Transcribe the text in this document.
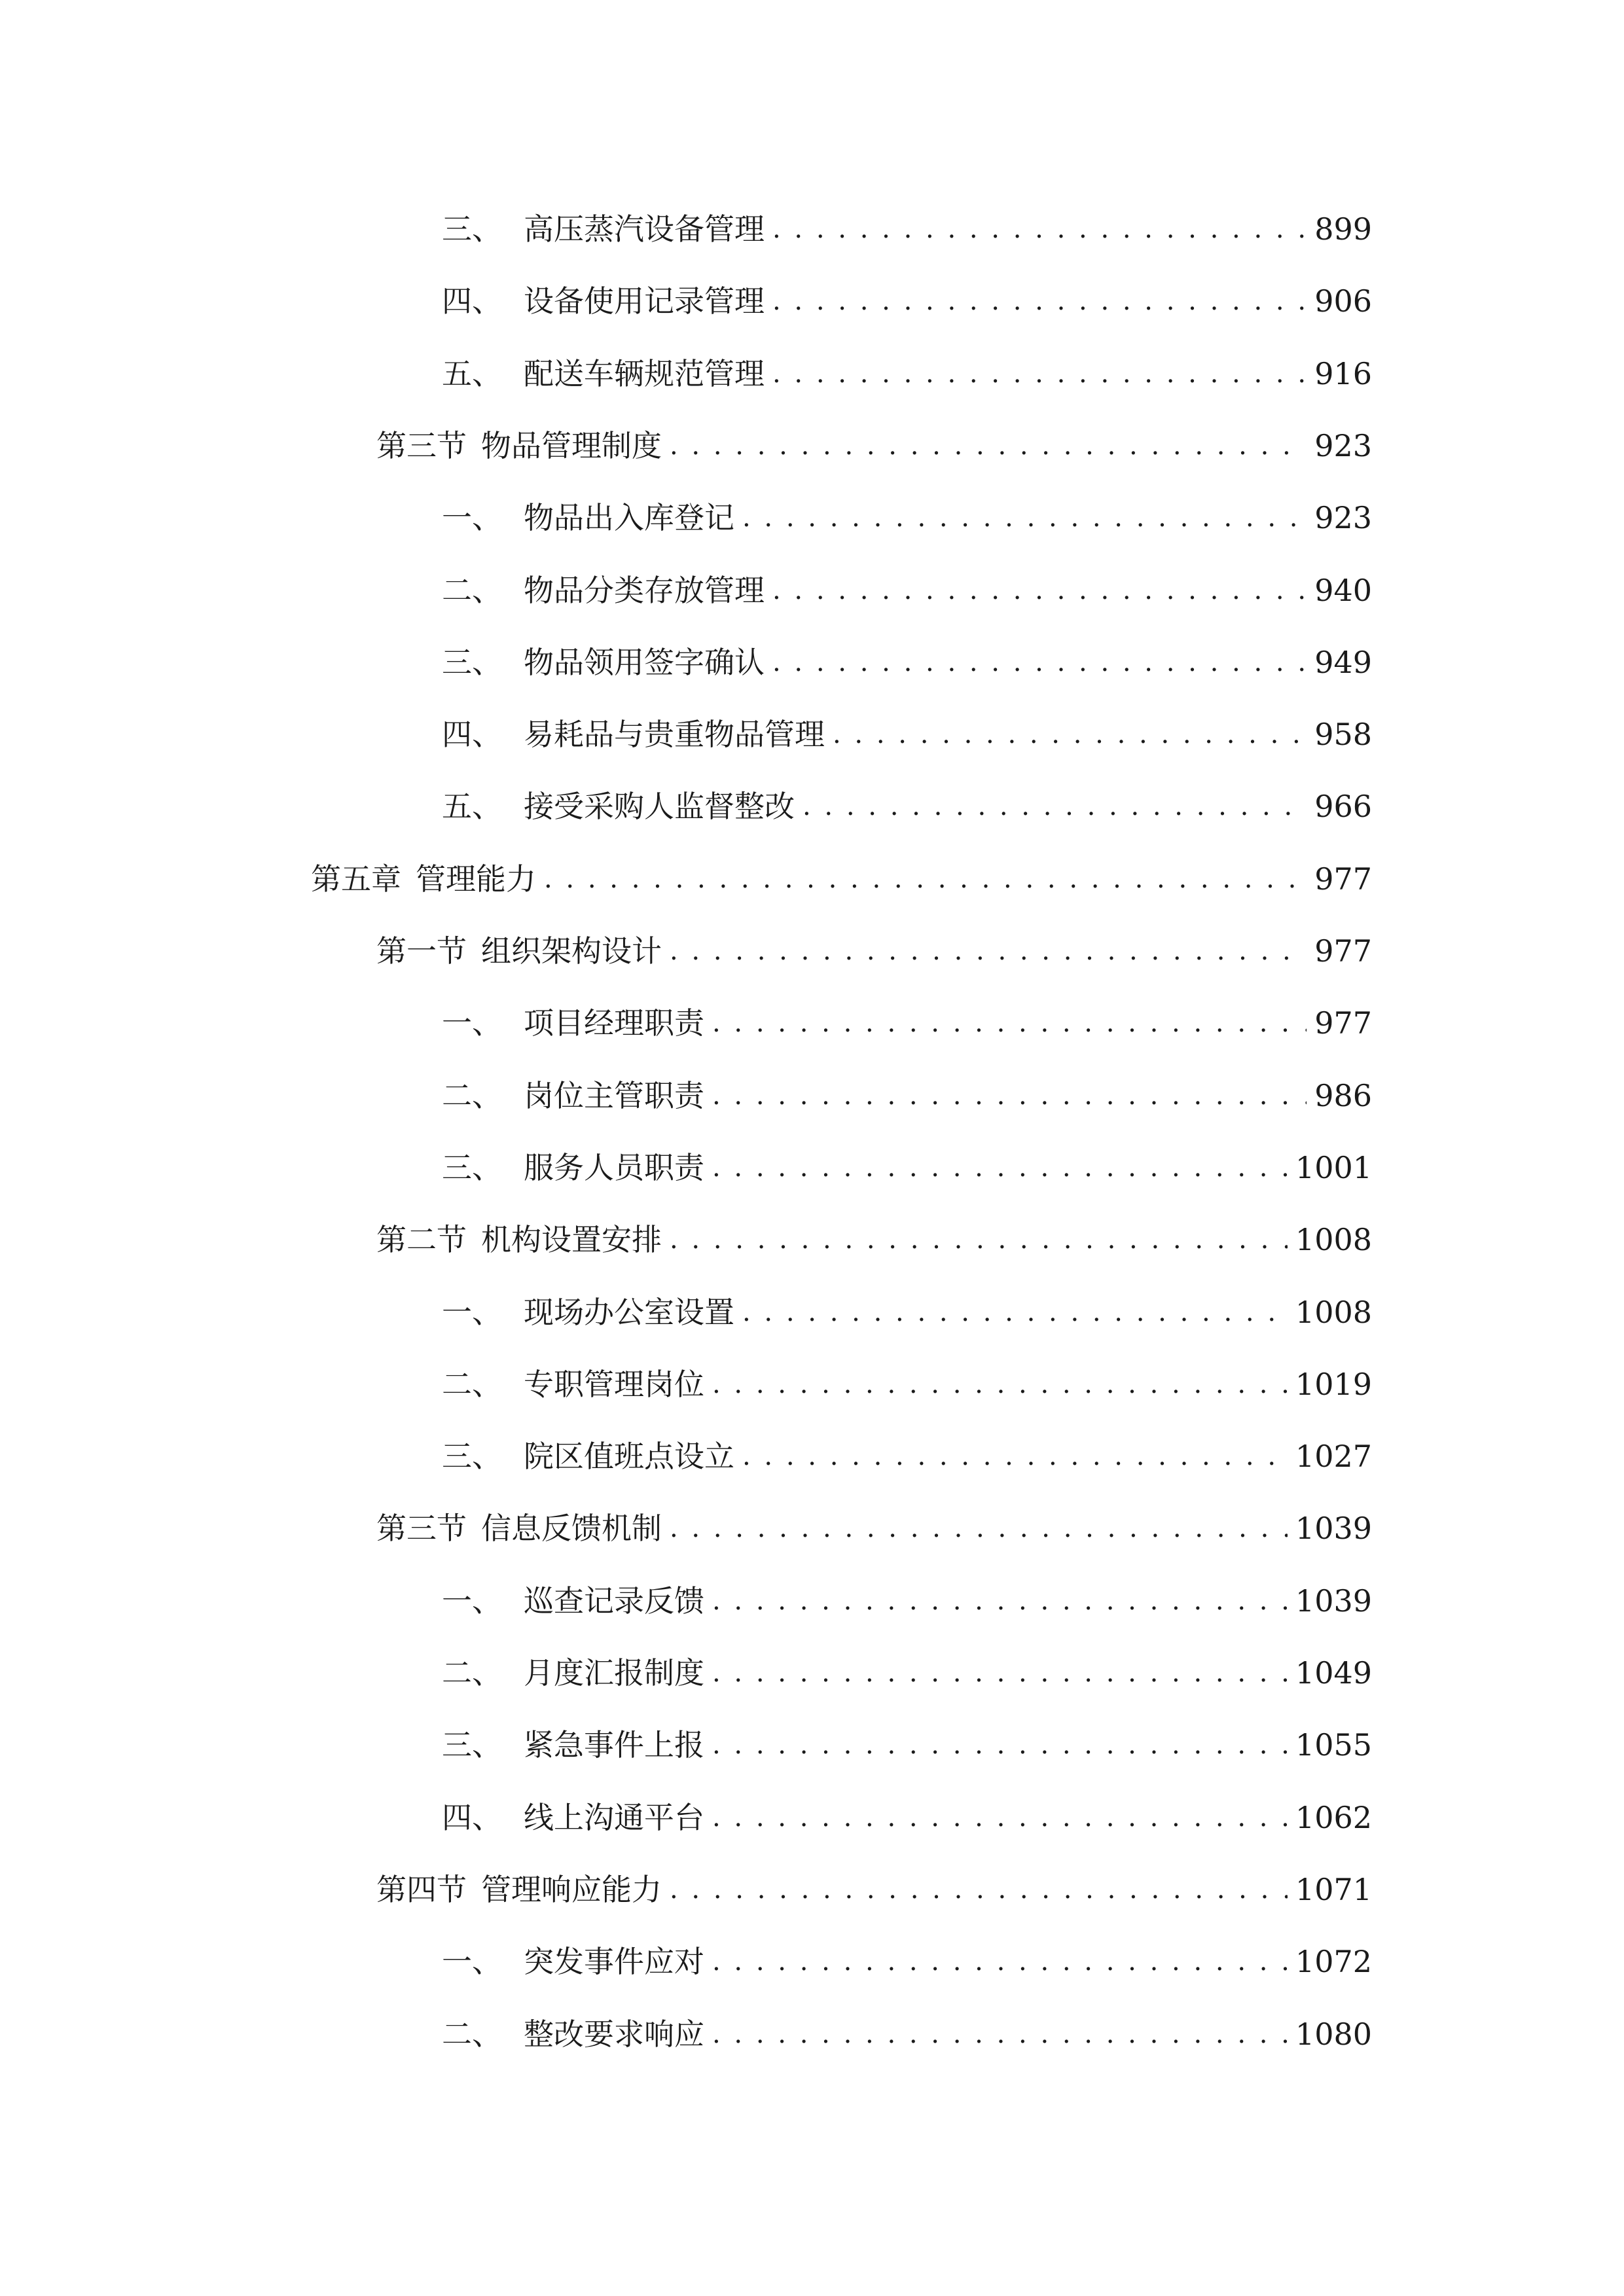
三、 高压蒸汽设备管理 . . .	899
四、 设备使用记录管理 . . .	906
五、 配送车辆规范管理 . . .	916
第三节 物品管理制度 . . .	923
一、 物品出入库登记 . . .	923
二、 物品分类存放管理 . . .	940
三、 物品领用签字确认 . . .	949
四、 易耗品与贵重物品管理 . . .	958
五、 接受采购人监督整改 . . .	966
第五章 管理能力 . . .	977
第一节 组织架构设计 . . .	977
一、 项目经理职责 . . .	977
二、 岗位主管职责 . . .	986
三、 服务人员职责 . . .	1001
第二节 机构设置安排 . . .	1008
一、 现场办公室设置 . . .	1008
二、 专职管理岗位 . . .	1019
三、 院区值班点设立 . . .	1027
第三节 信息反馈机制 . . .	1039
一、 巡查记录反馈 . . .	1039
二、 月度汇报制度 . . .	1049
三、 紧急事件上报 . . .	1055
四、 线上沟通平台 . . .	1062
第四节 管理响应能力 . . .	1071
一、 突发事件应对 . . .	1072
二、 整改要求响应 . . .	1080
